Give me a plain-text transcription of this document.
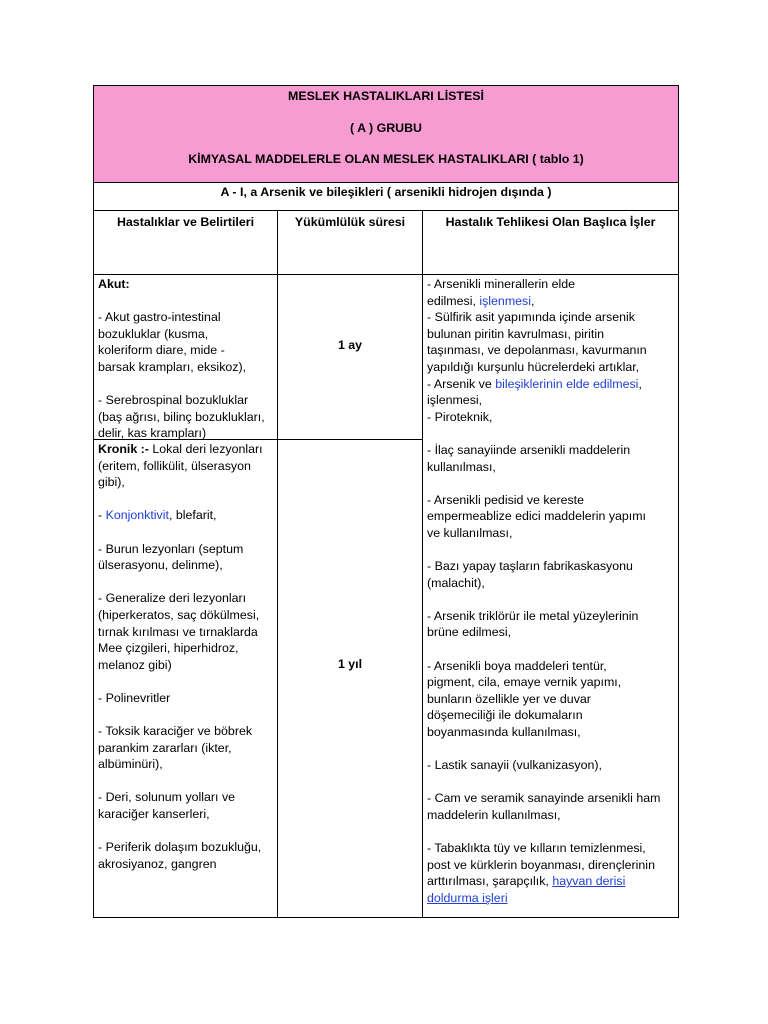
MESLEK HASTALIKLARI LİSTESİ
( A ) GRUBU
KİMYASAL MADDELERLE OLAN MESLEK HASTALIKLARI ( tablo 1)
A - I, a Arsenik ve bileşikleri ( arsenikli hidrojen dışında )
Hastalıklar ve Belirtileri	Yükümlülük süresi	Hastalık Tehlikesi Olan Başlıca İşler

Akut:

- Akut gastro-intestinal

bozukluklar (kusma,

koleriform diare, mide -

barsak krampları, eksikoz),

- Serebrospinal bozukluklar

(baş ağrısı, bilinç bozuklukları,

delir, kas krampları)

1 ay

Kronik :- Lokal deri lezyonları

(eritem, follikülit, ülserasyon

gibi),

- Konjonktivit, blefarit,

- Burun lezyonları (septum

ülserasyonu, delinme),

- Generalize deri lezyonları

(hiperkeratos, saç dökülmesi,

tırnak kırılması ve tırnaklarda

Mee çizgileri, hiperhidroz,

melanoz gibi)

- Polinevritler

- Toksik karaciğer ve böbrek

parankim zararları (ikter,

albüminüri),

- Deri, solunum yolları ve

karaciğer kanserleri,

- Periferik dolaşım bozukluğu,

akrosiyanoz, gangren

1 yıl

- Arsenikli minerallerin elde

edilmesi, işlenmesi,

- Sülfirik asit yapımında içinde arsenik

bulunan piritin kavrulması, piritin

taşınması, ve depolanması, kavurmanın

yapıldığı kurşunlu hücrelerdeki artıklar,

- Arsenik ve bileşiklerinin elde edilmesi,

işlenmesi,

- Piroteknik,

- İlaç sanayiinde arsenikli maddelerin

kullanılması,

- Arsenikli pedisid ve kereste

empermeablize edici maddelerin yapımı

ve kullanılması,

- Bazı yapay taşların fabrikaskasyonu

(malachit),

- Arsenik triklörür ile metal yüzeylerinin

brüne edilmesi,

- Arsenikli boya maddeleri tentür,

pigment, cila, emaye vernik yapımı,

bunların özellikle yer ve duvar

döşemeciliği ile dokumaların

boyanmasında kullanılması,

- Lastik sanayii (vulkanizasyon),

- Cam ve seramik sanayinde arsenikli ham

maddelerin kullanılması,

- Tabaklıkta tüy ve kılların temizlenmesi,

post ve kürklerin boyanması, dirençlerinin

arttırılması, şarapçılık, hayvan derisi

doldurma işleri
